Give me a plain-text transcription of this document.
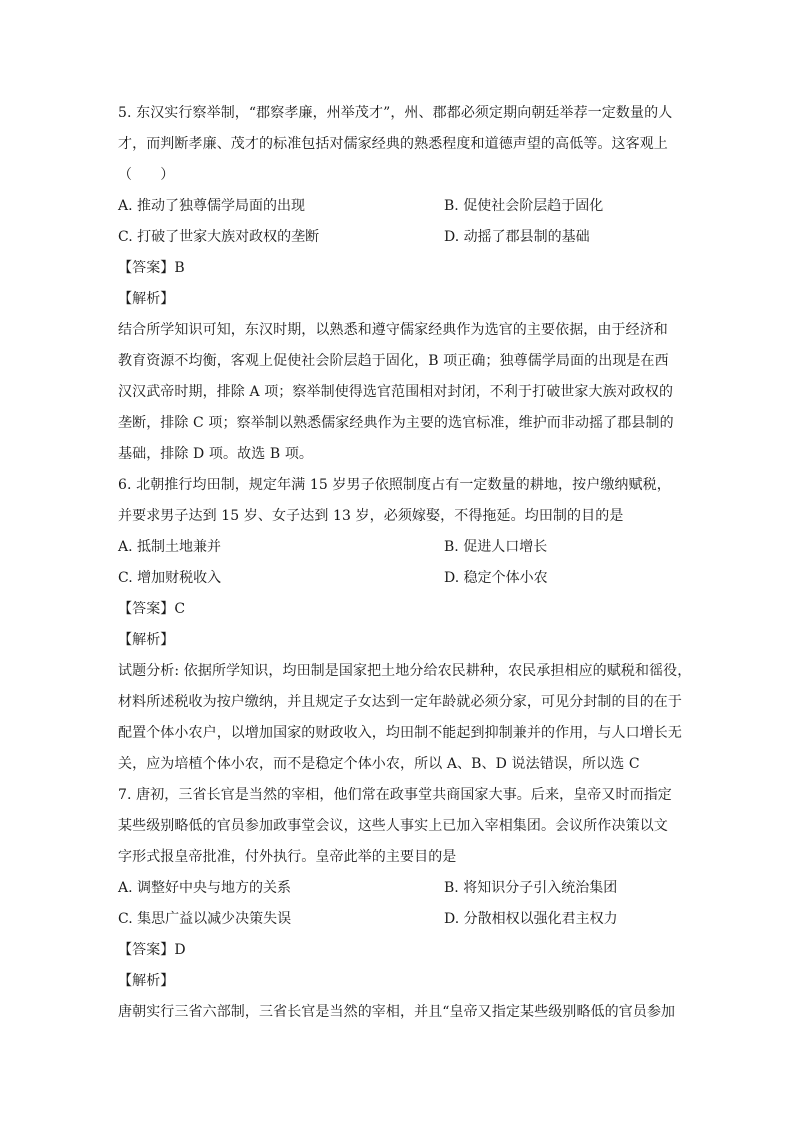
5. 东汉实行察举制，“郡察孝廉，州举茂才”，州、郡都必须定期向朝廷举荐一定数量的人
才，而判断孝廉、茂才的标准包括对儒家经典的熟悉程度和道德声望的高低等。这客观上
（　　）
A. 推动了独尊儒学局面的出现	B. 促使社会阶层趋于固化
C. 打破了世家大族对政权的垄断	D. 动摇了郡县制的基础
【答案】B
【解析】
结合所学知识可知，东汉时期，以熟悉和遵守儒家经典作为选官的主要依据，由于经济和
教育资源不均衡，客观上促使社会阶层趋于固化，B 项正确；独尊儒学局面的出现是在西
汉汉武帝时期，排除 A 项；察举制使得选官范围相对封闭，不利于打破世家大族对政权的
垄断，排除 C 项；察举制以熟悉儒家经典作为主要的选官标准，维护而非动摇了郡县制的
基础，排除 D 项。故选 B 项。
6. 北朝推行均田制，规定年满 15 岁男子依照制度占有一定数量的耕地，按户缴纳赋税，
并要求男子达到 15 岁、女子达到 13 岁，必须嫁娶，不得拖延。均田制的目的是
A. 抵制土地兼并	B. 促进人口增长
C. 增加财税收入	D. 稳定个体小农
【答案】C
【解析】
试题分析: 依据所学知识，均田制是国家把土地分给农民耕种，农民承担相应的赋税和徭役，
材料所述税收为按户缴纳，并且规定子女达到一定年龄就必须分家，可见分封制的目的在于
配置个体小农户，以增加国家的财政收入，均田制不能起到抑制兼并的作用，与人口增长无
关，应为培植个体小农，而不是稳定个体小农，所以 A、B、D 说法错误，所以选 C
7. 唐初，三省长官是当然的宰相，他们常在政事堂共商国家大事。后来，皇帝又时而指定
某些级别略低的官员参加政事堂会议，这些人事实上已加入宰相集团。会议所作决策以文
字形式报皇帝批准，付外执行。皇帝此举的主要目的是
A. 调整好中央与地方的关系	B. 将知识分子引入统治集团
C. 集思广益以减少决策失误	D. 分散相权以强化君主权力
【答案】D
【解析】
唐朝实行三省六部制，三省长官是当然的宰相，并且“皇帝又指定某些级别略低的官员参加
